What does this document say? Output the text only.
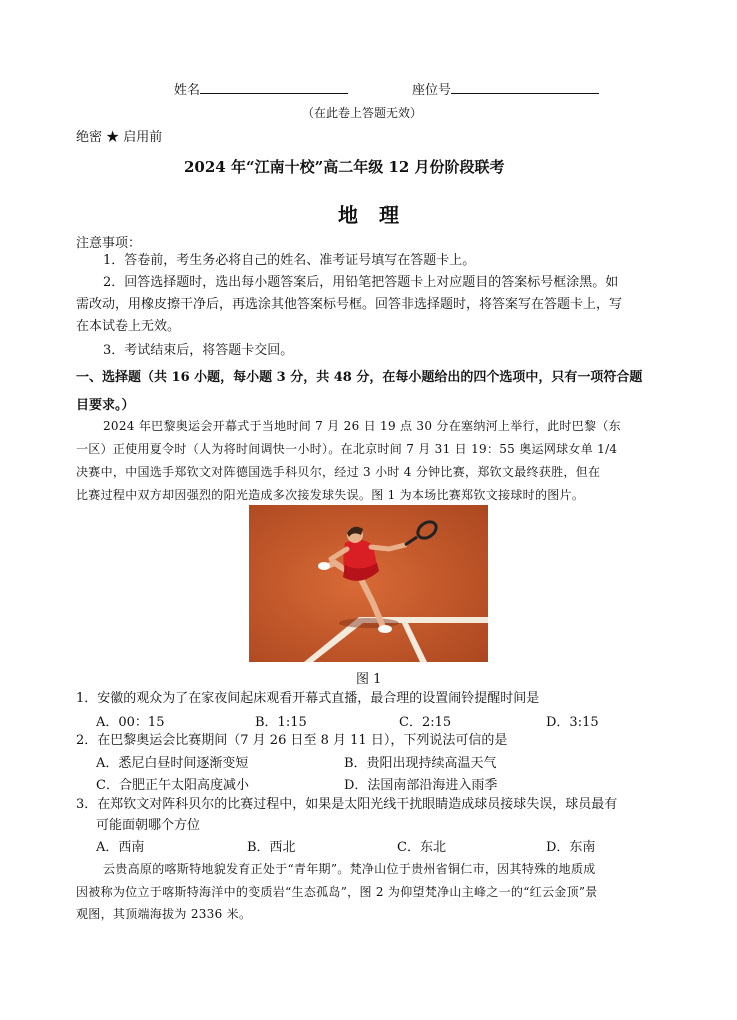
姓名	座位号
（在此卷上答题无效）
绝密 ★ 启用前
2024 年“江南十校”高二年级 12 月份阶段联考
地 理
注意事项：
1．答卷前，考生务必将自己的姓名、准考证号填写在答题卡上。
2．回答选择题时，选出每小题答案后，用铅笔把答题卡上对应题目的答案标号框涂黑。如
需改动，用橡皮擦干净后，再选涂其他答案标号框。回答非选择题时，将答案写在答题卡上，写
在本试卷上无效。
3．考试结束后，将答题卡交回。
一、选择题（共 16 小题，每小题 3 分，共 48 分，在每小题给出的四个选项中，只有一项符合题
目要求。）
2024 年巴黎奥运会开幕式于当地时间 7 月 26 日 19 点 30 分在塞纳河上举行，此时巴黎（东
一区）正使用夏令时（人为将时间调快一小时）。在北京时间 7 月 31 日 19：55 奥运网球女单 1/4
决赛中，中国选手郑钦文对阵德国选手科贝尔，经过 3 小时 4 分钟比赛，郑钦文最终获胜，但在
比赛过程中双方却因强烈的阳光造成多次接发球失误。图 1 为本场比赛郑钦文接球时的图片。
图 1
1．安徽的观众为了在家夜间起床观看开幕式直播，最合理的设置闹铃提醒时间是
A．00：15	B．1:15	C．2:15	D．3:15
2．在巴黎奥运会比赛期间（7 月 26 日至 8 月 11 日），下列说法可信的是
A．悉尼白昼时间逐渐变短	B．贵阳出现持续高温天气
C．合肥正午太阳高度减小	D．法国南部沿海进入雨季
3．在郑钦文对阵科贝尔的比赛过程中，如果是太阳光线干扰眼睛造成球员接球失误，球员最有
可能面朝哪个方位
A．西南	B．西北	C．东北	D．东南
云贵高原的喀斯特地貌发育正处于“青年期”。梵净山位于贵州省铜仁市，因其特殊的地质成
因被称为位立于喀斯特海洋中的变质岩“生态孤岛”，图 2 为仰望梵净山主峰之一的“红云金顶”景
观图，其顶端海拔为 2336 米。
